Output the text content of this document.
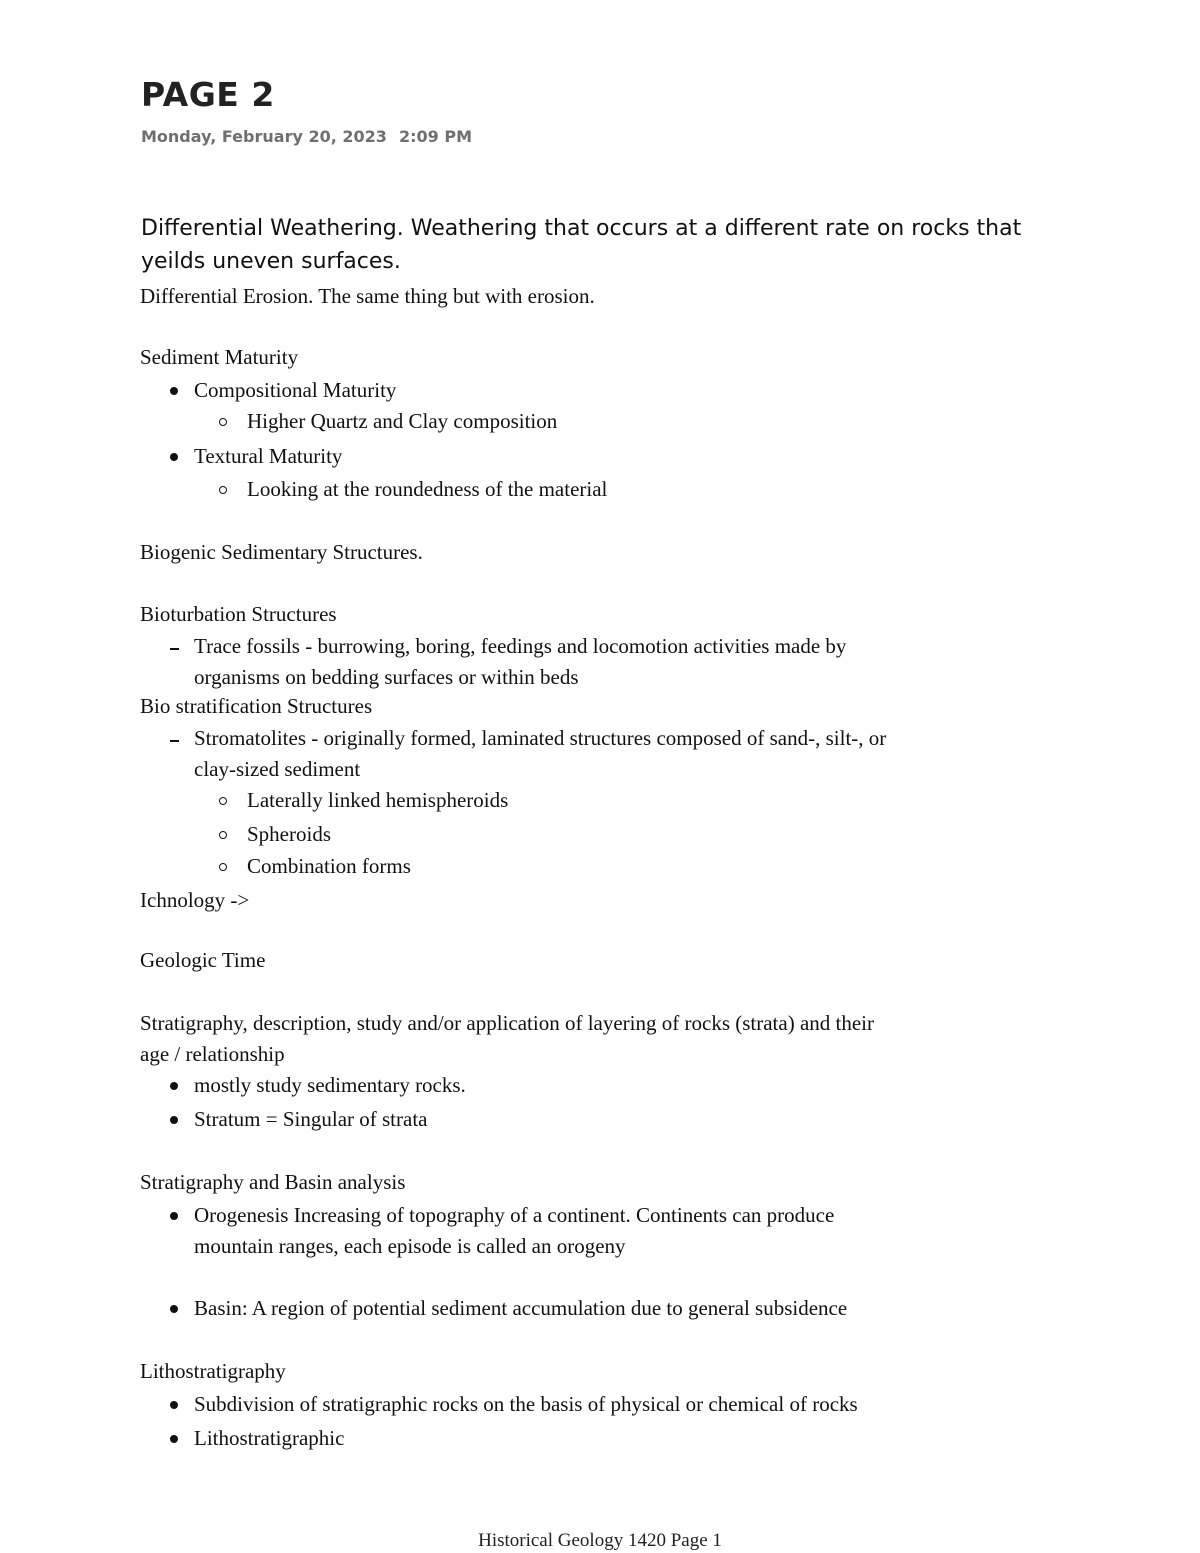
PAGE 2
Monday, February 20, 2023 2:09 PM
Differential Weathering. Weathering that occurs at a different rate on rocks that
yeilds uneven surfaces.
Differential Erosion. The same thing but with erosion.
Sediment Maturity
Compositional Maturity
Higher Quartz and Clay composition
Textural Maturity
Looking at the roundedness of the material
Biogenic Sedimentary Structures.
Bioturbation Structures
Trace fossils - burrowing, boring, feedings and locomotion activities made by
organisms on bedding surfaces or within beds
Bio stratification Structures
Stromatolites - originally formed, laminated structures composed of sand-, silt-, or
clay-sized sediment
Laterally linked hemispheroids
Spheroids
Combination forms
Ichnology ->
Geologic Time
Stratigraphy, description, study and/or application of layering of rocks (strata) and their
age / relationship
mostly study sedimentary rocks.
Stratum = Singular of strata
Stratigraphy and Basin analysis
Orogenesis Increasing of topography of a continent. Continents can produce
mountain ranges, each episode is called an orogeny
Basin: A region of potential sediment accumulation due to general subsidence
Lithostratigraphy
Subdivision of stratigraphic rocks on the basis of physical or chemical of rocks
Lithostratigraphic
Historical Geology 1420 Page 1
